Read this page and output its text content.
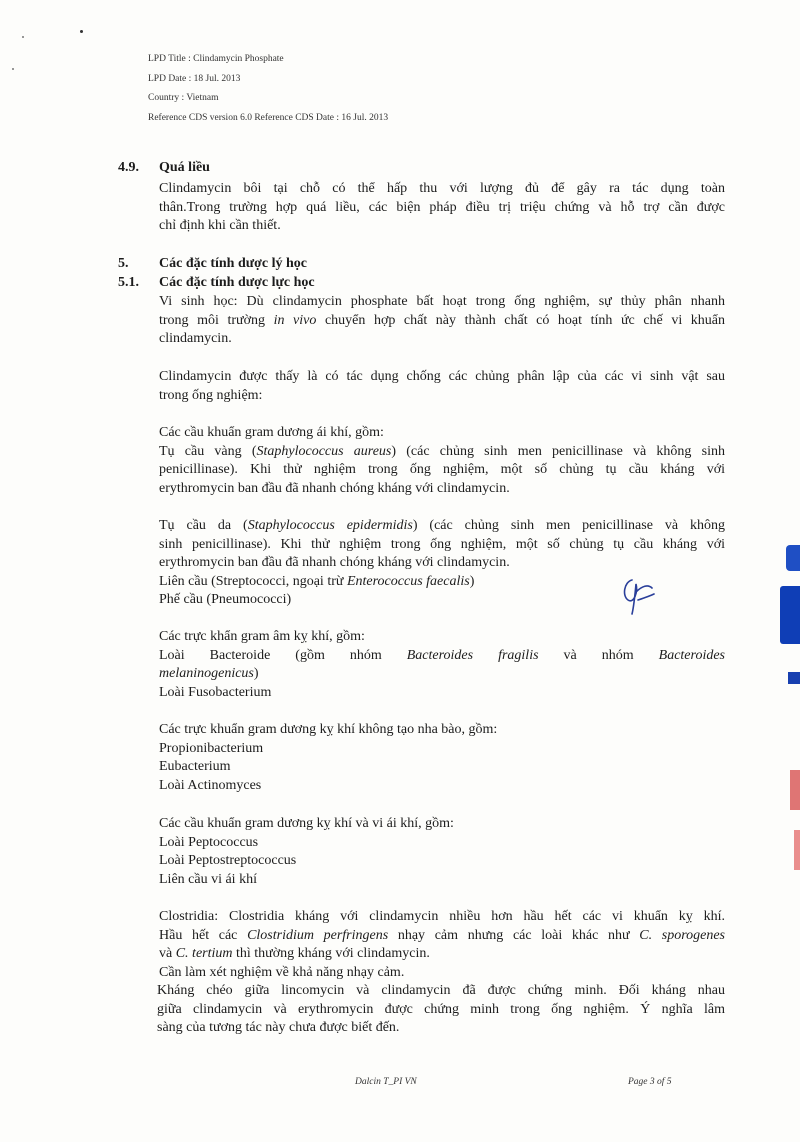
LPD Title : Clindamycin Phosphate
LPD Date : 18 Jul. 2013
Country : Vietnam
Reference CDS version 6.0 Reference CDS Date : 16 Jul. 2013
4.9. Quá liều
Clindamycin bôi tại chỗ có thể hấp thu với lượng đủ để gây ra tác dụng toàn
thân.Trong trường hợp quá liều, các biện pháp điều trị triệu chứng và hỗ trợ cần được
chỉ định khi cần thiết.
5. Các đặc tính dược lý học
5.1. Các đặc tính dược lực học
Vi sinh học: Dù clindamycin phosphate bất hoạt trong ống nghiệm, sự thủy phân nhanh
trong môi trường in vivo chuyển hợp chất này thành chất có hoạt tính ức chế vi khuẩn
clindamycin.
Clindamycin được thấy là có tác dụng chống các chủng phân lập của các vi sinh vật sau
trong ống nghiệm:
Các cầu khuẩn gram dương ái khí, gồm:
Tụ cầu vàng (Staphylococcus aureus) (các chủng sinh men penicillinase và không sinh
penicillinase). Khi thử nghiệm trong ống nghiệm, một số chủng tụ cầu kháng với
erythromycin ban đầu đã nhanh chóng kháng với clindamycin.
Tụ cầu da (Staphylococcus epidermidis) (các chủng sinh men penicillinase và không
sinh penicillinase). Khi thử nghiệm trong ống nghiệm, một số chủng tụ cầu kháng với
erythromycin ban đầu đã nhanh chóng kháng với clindamycin.
Liên cầu (Streptococci, ngoại trừ Enterococcus faecalis)
Phế cầu (Pneumococci)
Các trực khẩn gram âm kỵ khí, gồm:
Loài Bacteroide (gồm nhóm Bacteroides fragilis và nhóm Bacteroides
melaninogenicus)
Loài Fusobacterium
Các trực khuẩn gram dương kỵ khí không tạo nha bào, gồm:
Propionibacterium
Eubacterium
Loài Actinomyces
Các cầu khuẩn gram dương kỵ khí và vi ái khí, gồm:
Loài Peptococcus
Loài Peptostreptococcus
Liên cầu vi ái khí
Clostridia: Clostridia kháng với clindamycin nhiều hơn hầu hết các vi khuẩn kỵ khí.
Hầu hết các Clostridium perfringens nhạy cảm nhưng các loài khác như C. sporogenes
và C. tertium thì thường kháng với clindamycin.
Cần làm xét nghiệm về khả năng nhạy cảm.
Kháng chéo giữa lincomycin và clindamycin đã được chứng minh. Đối kháng nhau
giữa clindamycin và erythromycin được chứng minh trong ống nghiệm. Ý nghĩa lâm
sàng của tương tác này chưa được biết đến.
Dalcin T_PI VN	Page 3 of 5
